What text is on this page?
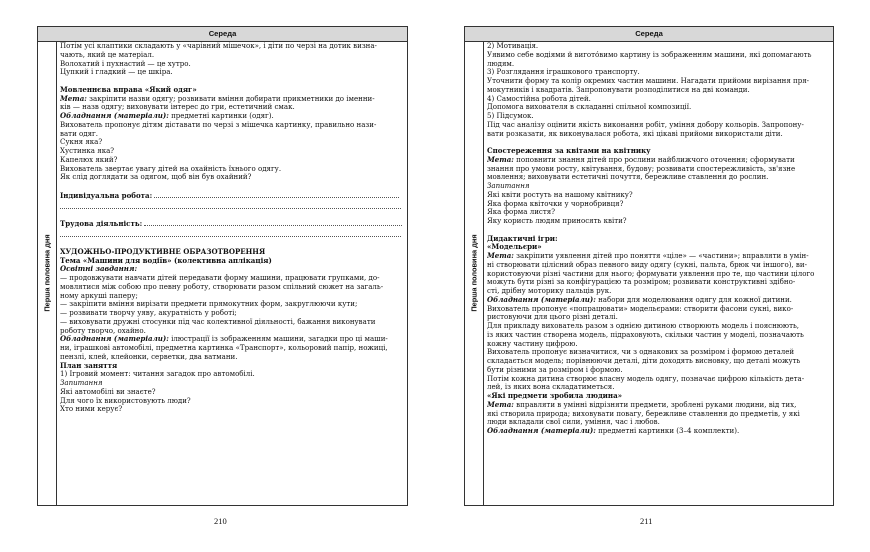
Середа
Перша половина дня
Потім усі клаптики складають у «чарівний мішечок», і діти по черзі на дотик визна-
чають, який це матеріал.
Волохатий і пухнастий — це хутро.
Цупкий і гладкий — це шкіра.
Мовленнєва вправа «Який одяг»
Мета: закріпити назви одягу; розвивати вміння добирати прикметники до іменни-
ків — назв одягу; виховувати інтерес до гри, естетичний смак.
Обладнання (матеріали): предметні картинки (одяг).
Вихователь пропонує дітям діставати по черзі з мішечка картинку, правильно нази-
вати одяг.
Сукня яка?
Хустинка яка?
Капелюх який?
Вихователь звертає увагу дітей на охайність їхнього одягу.
Як слід доглядати за одягом, щоб він був охайний?
Індивідуальна робота:
Трудова діяльність:
ХУДОЖНЬО-ПРОДУКТИВНЕ ОБРАЗОТВОРЕННЯ
Тема «Машини для водіїв» (колективна аплікація)
Освітні завдання:
— продовжувати навчати дітей передавати форму машини, працювати групками, до-
мовлятися між собою про певну роботу, створювати разом спільний сюжет на загаль-
ному аркуші паперу;
— закріпити вміння вирізати предмети прямокутних форм, закруглюючи кути;
— розвивати творчу уяву, акуратність у роботі;
— виховувати дружні стосунки під час колективної діяльності, бажання виконувати
роботу творчо, охайно.
Обладнання (матеріали): ілюстрації із зображенням машини, загадки про ці маши-
ни, іграшкові автомобілі, предметна картинка «Транспорт», кольоровий папір, ножиці,
пензлі, клей, клейонки, серветки, два ватмани.
План заняття
1) Ігровий момент: читання загадок про автомобілі.
Запитання
Які автомобілі ви знаєте?
Для чого їх використовують люди?
Хто ними керує?
210
Середа
Перша половина дня
2) Мотивація.
Уявимо себе водіями й вигото́вимо картину із зображенням машини, які допомагають
людям.
3) Розглядання іграшкового транспорту.
Уточнити форму та колір окремих частин машини. Нагадати прийоми вирізання пря-
мокутників і квадратів. Запропонувати розподілитися на дві команди.
4) Самостійна робота дітей.
Допомога вихователя в складанні спільної композиції.
5) Підсумок.
Під час аналізу оцінити якість виконання робіт, уміння добору кольорів. Запропону-
вати розказати, як виконувалася робота, які цікаві прийоми використали діти.
Спостереження за квітами на квітнику
Мета: поповнити знання дітей про рослини найближчого оточення; сформувати
знання про умови росту, квітування, будову; розвивати спостережливість, зв'язне
мовлення; виховувати естетичні почуття, бережливе ставлення до рослин.
Запитання
Які квіти ростуть на нашому квітнику?
Яка форма квіточки у чорнобривця?
Яка форма листя?
Яку користь людям приносять квіти?
Дидактичні ігри:
«Модельєри»
Мета: закріпити уявлення дітей про поняття «ціле» — «частини»; вправляти в умін-
ні створювати цілісний образ певного виду одягу (сукні, пальта, брюк чи іншого), ви-
користовуючи різні частини для нього; формувати уявлення про те, що частини цілого
можуть бути різні за конфігурацією та розміром; розвивати конструктивні здібно-
сті, дрібну моторику пальців рук.
Обладнання (матеріали): набори для моделювання одягу для кожної дитини.
Вихователь пропонує «попрацювати» модельєрами: створити фасони сукні, вико-
ристовуючи для цього різні деталі.
Для прикладу вихователь разом з однією дитиною створюють модель і пояснюють,
із яких частин створена модель, підраховують, скільки частин у моделі, позначають
кожну частину цифрою.
Вихователь пропонує визначитися, чи з однакових за розміром і формою деталей
складається модель; порівнюючи деталі, діти доходять висновку, що деталі можуть
бути різними за розміром і формою.
Потім кожна дитина створює власну модель одягу, позначає цифрою кількість дета-
лей, із яких вона складатиметься.
«Які предмети зробила людина»
Мета: вправляти в умінні відрізняти предмети, зроблені руками людини, від тих,
які створила природа; виховувати повагу, бережливе ставлення до предметів, у які
люди вкладали свої сили, уміння, час і любов.
Обладнання (матеріали): предметні картинки (3–4 комплекти).
211
